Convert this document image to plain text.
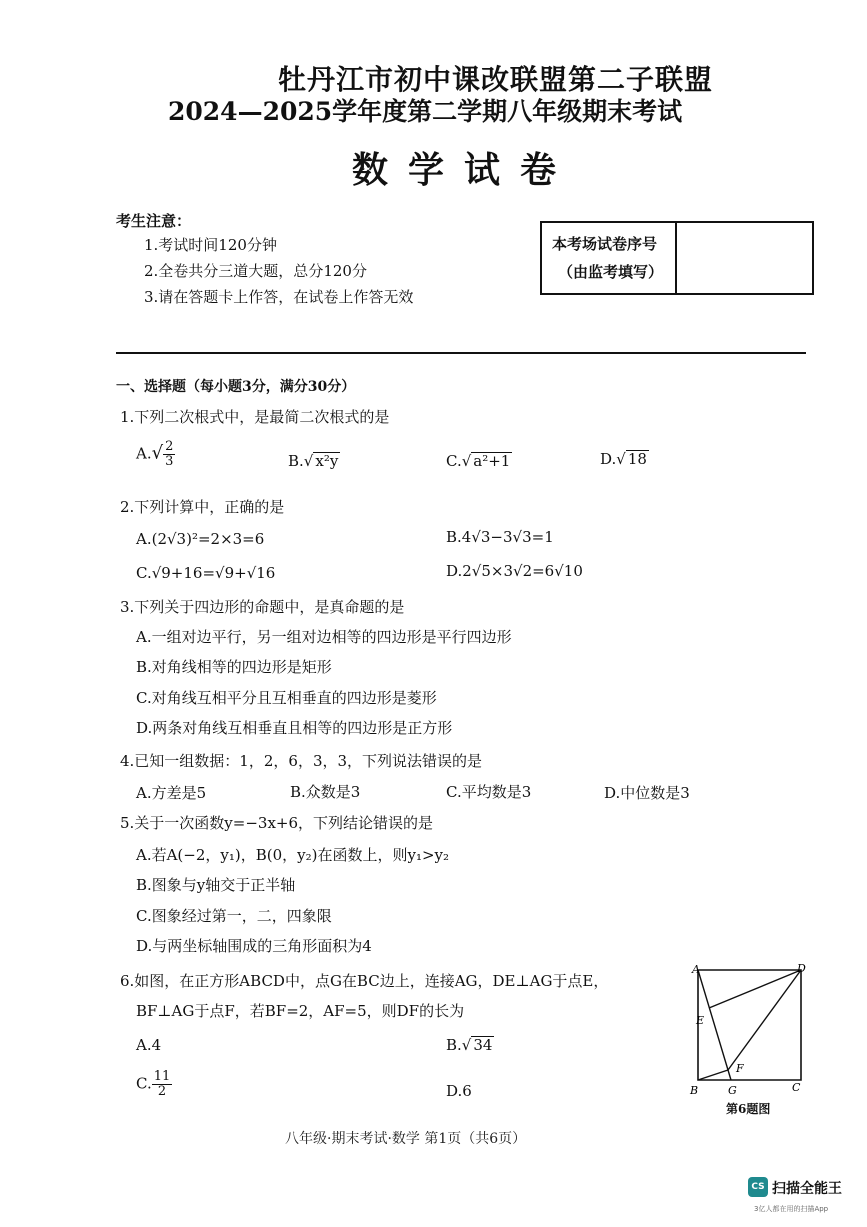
牡丹江市初中课改联盟第二子联盟
2024—2025学年度第二学期八年级期末考试
数学试卷
考生注意：
1.考试时间120分钟
2.全卷共分三道大题，总分120分
3.请在答题卡上作答，在试卷上作答无效
本考场试卷序号
（由监考填写）
一、选择题（每小题3分，满分30分）
1.下列二次根式中，是最简二次根式的是
$A.√ \frac{2}{3}$	B.√ x²y	C.√ a²+1	D.√ 18
2.下列计算中，正确的是
A.(2√3)²=2×3=6	B.4√3−3√3=1
C.√9+16=√9+√16	D.2√5×3√2=6√10
3.下列关于四边形的命题中，是真命题的是
A.一组对边平行，另一组对边相等的四边形是平行四边形
B.对角线相等的四边形是矩形
C.对角线互相平分且互相垂直的四边形是菱形
D.两条对角线互相垂直且相等的四边形是正方形
4.已知一组数据：1，2，6，3，3，下列说法错误的是
A.方差是5	B.众数是3	C.平均数是3	D.中位数是3
5.关于一次函数y=−3x+6，下列结论错误的是
A.若A(−2，y₁)，B(0，y₂)在函数上，则y₁>y₂
B.图象与y轴交于正半轴
C.图象经过第一，二，四象限
D.与两坐标轴围成的三角形面积为4
6.如图，在正方形ABCD中，点G在BC边上，连接AG，DE⊥AG于点E，
BF⊥AG于点F，若BF=2，AF=5，则DF的长为
A.4	B.√ 34
C. $\frac{11}{2}$	D.6
A	D
E
F
B	G	C
第6题图
八年级·期末考试·数学 第1页（共6页）
CS 扫描全能王
3亿人都在用的扫描App
